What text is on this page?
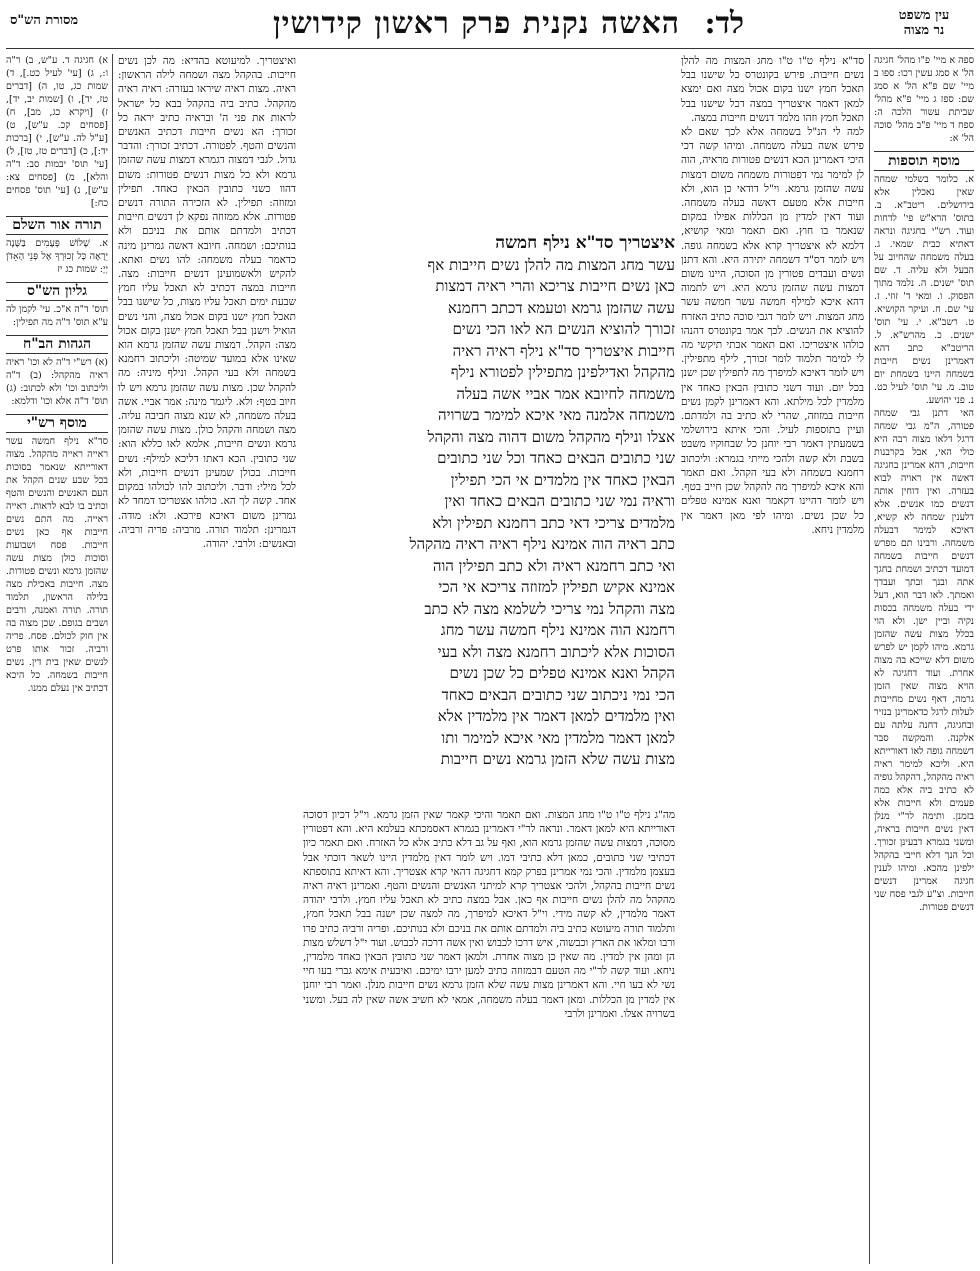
עין משפט
נר מצוה
לד:
האשה נקנית פרק ראשון קידושין
מסורת הש"ס

ספה א מיי' פ"ו מהל' חגיגה הל' א סמג עשין רכו: ספו ב מיי' שם פ"א הל' א סמג שם: ספז ג מיי' פ"א מהל' שביתת עשור הלכה ה: ספח ד מיי' פ"ב מהל' סוכה הל' א:

מוסף תוספות

א. כלומר בשלמי שמחה שאין נאכלין אלא בירושלים. ריטב"א. ב. בתוס' הרא"ש פי' לדחות ועוד. רש"י בחגיגה ונראה דאתיא כבית שמאי. ג. בעלה משמחה שהחיוב על הבעל ולא עליה. ד. שם תוס' ישנים. ה. נלמד מתוך הפסוק. ו. ומאי ד' זוזי. ז. עי' שם. ח. ועיקר הקושיא. ט. רשב"א. י. עי' תוס' ישנים. כ. מהרש"א. ל. הריטב"א כתב דהא דאמרינן נשים חייבות בשמחה היינו בשמחת יום טוב. מ. עי' תוס' לעיל כט. נ. פני יהושע.

האי דתנן גבי שמחה פטורה, ה"מ גבי שמחה דרגל דלאו מצוה רבה היא כולי האי, אבל בקרבנות חייבות, דהא אמרינן בחגיגה דאשה אין ראויה לבוא בעזרה. ואין דוחין אותה דנשים כמו אנשים. אלא דלענין שמחה לא קשיא, דאיכא למימר דבעלה משמחה. ורבינו תם מפרש דנשים חייבות בשמחה דמועד דכתיב ושמחת בחגך אתה ובנך ובתך ועבדך ואמתך. לאו דבר הוא, דעל ידי בעלה משמחה בכסות נקיה וביין ישן. ולא הוי בכלל מצות עשה שהזמן גרמא. מיהו לקמן יש לפרש משום דלא שייכא בה מצוה אחרת. ועוד דחגיגה לא הויא מצוה שאין הזמן גרמה, דאף נשים מחייבות לעלות לרגל כדאמרינן בנזיר ובחגיגה, דחנה עלתה עם אלקנה. והמקשה סבר דשמחה גופה לאו דאורייתא היא. וליכא למימר ראיה ראיה מהקהל, דהקהל גופיה לא כתיב ביה אלא כמה פעמים ולא חייבות אלא בזמנן. ותימה לר"י מנלן דאין נשים חייבות בראיה, ומשני בגמרא דבעינן זכורך. וכל הנך דלא חייבי בהקהל ילפינן מהכא. ומיהו לענין חגיגה אמרינן דנשים חייבות. וצ"ע לגבי פסח שני דנשים פטורות.

סד"א נילף ט"ו ט"ו מחג המצות מה להלן נשים חייבות. פירש בקונטרס כל שישנו בבל תאכל חמץ ישנו בקום אכול מצה ואם ימצא למאן דאמר איצטריך במצה דכל שישנו בבל תאכל חמץ וזהו מלמד דנשים חייבות במצה.

למה לי הנ"ל בשמחה אלא לכך שאם לא פירש אשה בעלה משמחה. ומיהו קשה דכי היכי דאמרינן הכא דנשים פטורות מראיה, הוה לן למימר נמי דפטורות משמחה משום דמצות עשה שהזמן גרמא. וי"ל דודאי כן הוא, ולא חייבות אלא מטעם דאשה בעלה משמחה. ועוד דאין למדין מן הכללות אפילו במקום שנאמר בו חוץ. ואם תאמר ומאי קושיא, דלמא לא איצטריך קרא אלא בשמחה גופה. ויש לומר דס"ד דשמחה יתירה היא. והא דתנן ונשים ועבדים פטורין מן הסוכה, היינו משום דמצות עשה שהזמן גרמא היא. ויש לתמוה דהא איכא למילף חמשה עשר חמשה עשר מחג המצות. ויש לומר דגבי סוכה כתיב האזרח להוציא את הנשים. לכך אמר בקונטרס דהנהו כולהו איצטריכו. ואם תאמר אכתי תיקשי מה לי למימר תלמוד לומר זכורך, לילף מתפילין. ויש לומר דאיכא למיפרך מה לתפילין שכן ישנן בכל יום. ועוד דשני כתובין הבאין כאחד אין מלמדין לכל מילתא. והא דאמרינן לקמן נשים חייבות במזוזה, שהרי לא כתיב בה ולמדתם. ועיין בתוספות לעיל. והכי איתא בירושלמי בשמעתין דאמר רבי יוחנן כל שבחוקיו משבט בשבת ולא קשה ולהכי מייתי בגמרא: וליכתוב רחמנא בשמחה ולא בעי הקהל. ואם תאמר והא איכא למיפרך מה להקהל שכן חייב בטף. ויש לומר דהיינו דקאמר ואנא אמינא טפלים כל שכן נשים. ומיהו לפי מאן דאמר אין מלמדין ניחא.

איצטריך סד"א נילף חמשה
עשר מחג המצות מה להלן נשים חייבות אף
כאן נשים חייבות צריכא והרי ראיה דמצות
עשה שהזמן גרמא וטעמא דכתב רחמנא
זכורך להוציא הנשים הא לאו הכי נשים
חייבות איצטריך סד"א נילף ראיה ראיה
מהקהל ואדילפינן מתפילין לפטורא נילף
משמחה לחיובא אמר אביי אשה בעלה
משמחה אלמנה מאי איכא למימר בשרויה
אצלו ונילף מהקהל משום דהוה מצה והקהל
שני כתובים הבאים כאחד וכל שני כתובים
הבאין כאחד אין מלמדים אי הכי תפילין
וראיה נמי שני כתובים הבאים כאחד ואין
מלמדים צריכי דאי כתב רחמנא תפילין ולא
כתב ראיה הוה אמינא נילף ראיה ראיה מהקהל
ואי כתב רחמנא ראיה ולא כתב תפילין הוה
אמינא אקיש תפילין למזוזה צריכא אי הכי
מצה והקהל נמי צריכי לשלמא מצה לא כתב
רחמנא הוה אמינא נילף חמשה עשר מחג
הסוכות אלא ליכתוב רחמנא מצה ולא בעי
הקהל ואנא אמינא טפלים כל שכן נשים
הכי נמי ניכתוב שני כתובים הבאים כאחד
ואין מלמדים למאן דאמר אין מלמדין אלא
למאן דאמר מלמדין מאי איכא למימר ותו
מצות עשה שלא הזמן גרמא נשים חייבות

ואיצטריך. למיעוטא בהדיא: מה לכן נשים חייבות. בהקהל מצה ושמחה לילה הראשון: ראיה. מצות ראיה שיראו בעזרה: ראיה ראיה מהקהל. כתיב ביה בהקהל בבא כל ישראל לראות את פני ה' ובראיה כתיב יראה כל זכורך: הא נשים חייבות דכתיב האנשים והנשים והטף. לפטורה. דכתיב זכורך: והדבר גדול. לגבי דמצוה דגמרא דמצות עשה שהזמן גרמא ולא כל מצות דנשים פטורות: משום דהוו כשני כתובין הבאין כאחד. תפילין ומזוזה: תפילין. לא הזכירה התורה דנשים פטורות. אלא ממזוזה נפקא לן דנשים חייבות דכתיב ולמדתם אותם את בניכם ולא בנותיכם: ושמחה. חיובא דאשה גמרינן מינה כדאמר בעלה משמחה: להו נשים ואתא. להקיש ולאשמועינן דנשים חייבות: מצה. חייבות במצה דכתיב לא תאכל עליו חמץ שבעת ימים תאכל עליו מצות, כל שישנו בבל תאכל חמץ ישנו בקום אכול מצה, והני נשים הואיל וישנן בבל תאכל חמץ ישנן בקום אכול מצה: הקהל. דמצות עשה שהזמן גרמא הוא שאינו אלא במועד שמיטה: וליכתוב רחמנא בשמחה ולא בעי הקהל. ונילף מיניה: מה להקהל שכן. מצות עשה שהזמן גרמא ויש לו חיוב בטף: ולא. ליגמר מינה: אמר אביי. אשה בעלה משמחה, לא שנא מצוה חביבה עליה. מצה ושמחה והקהל כולן. מצות עשה שהזמן גרמא ונשים חייבות, אלמא לאו כללא הוא: שני כתובין. הכא דאתו דליכא למילף: נשים חייבות. בכולן שמעינן דנשים חייבות, ולא לכל מילי: ודבר. וליכתוב להו לכולהו במקום אחד. קשה לך הא. כולהו אצטריכו דמחד לא גמרינן משום דאיכא פירכא. ולא: מודה. דגמרינן: תלמוד תורה. מרביה: פריה ורביה. ובאנשים: ולרבי. יהודה.

א) חגיגה ד. ע"ש, ב) ר"ה ו:, ג) [עי' לעיל כט.], ד) שמות כג, טו, ה) [דברים טז, יד], ו) [שמות יב, יד], ז) [ויקרא כג, מב], ח) [פסחים קכ. ע"ש], ט) [ע"ל לה. ע"ש], י) [ברכות יד:], כ) [דברים טז, טז], ל) [עי' תוס' יבמות סב: ד"ה והלא], מ) [פסחים צא: ע"ש], נ) [עי' תוס' פסחים כח:]

תורה אור השלם

א. שָׁלוֹשׁ פְּעָמִים בַּשָּׁנָה יֵרָאֶה כָּל זְכוּרְךָ אֶל פְּנֵי הָאָדֹן יְיָ: שמות כג יז

גליון הש"ס

תוס' ד"ה א"כ. עי' לקמן לה ע"א תוס' ד"ה מה תפילין:

הגהות הב"ח

(א) רש"י ד"ה לא וכו' ראיה ראיה מהקהל: (ב) ד"ה וליכתוב וכו' ולא לכתוב: (ג) תוס' ד"ה אלא וכו' ודלמא:

מוסף רש"י

סד"א נילף חמשה עשר ראייה ראייה מהקהל. מצוה דאורייתא שנאמר בסוכות בכל שבע שנים הקהל את העם האנשים והנשים והטף וכתיב בו לבא לראות. ראייה ראייה. מה התם נשים חייבות אף כאן נשים חייבות. פסח ושבועות וסוכות כולן מצות עשה שהזמן גרמא ונשים פטורות. מצה. חייבות באכילת מצה בלילה הראשון, תלמוד תורה. תורה ואמנה, ורבים ושבים בגופם. שכן מצוה בה אין חוק לכולם. פסח. פריה ורביה. זכור אותו פרט לנשים שאין בית דין. נשים חייבות בשמחה. כל היכא דכתיב אין נעלם ממנו.

מה"ג נילף ט"ו ט"ו מחג המצות. ואם תאמר והיכי קאמר שאין הזמן גרמא. וי"ל דכיון דסוכה דאורייתא היא למאן דאמר. ונראה לר"י דאמרינן בגמרא דאסמכתא בעלמא היא. והא דפטורין מסוכה, דמצות עשה שהזמן גרמא הוא, ואף על גב דלא כתיב אלא כל האזרח. ואם תאמר כיון דכתיבי שני כתובים, כמאן דלא כתיבי דמו. ויש לומר דאין מלמדין היינו לשאר דוכתי אבל בעצמן מלמדין. והכי נמי אמרינן בפרק קמא דחגיגה דהאי קרא אצטריך. והא דאיתא בתוספתא נשים חייבות בהקהל, ולהכי אצטריך קרא למיתני האנשים והנשים והטף. ואמרינן ראיה ראיה מהקהל מה להלן נשים חייבות אף כאן. אבל במצה כתיב לא תאכל עליו חמץ. ולרבי יהודה דאמר מלמדין, לא קשה מידי. וי"ל דאיכא למיפרך, מה למצה שכן ישנה בבל תאכל חמץ, ותלמוד תורה מיעוטא כתיב ביה ולמדתם אותם את בניכם ולא בנותיכם. ופריה ורביה כתיב פרו ורבו ומלאו את הארץ וכבשוה, איש דרכו לכבוש ואין אשה דרכה לכבוש. ועוד י"ל דשלש מצות הן ומהן אין למדין. מה שאין כן מצוה אחרת. ולמאן דאמר שני כתובין הבאין כאחד מלמדין, ניחא. ועוד קשה לר"י מה הטעם דבמזוזה כתיב למען ירבו ימיכם. ואיבעית אימא גברי בעו חיי נשי לא בעו חיי. והא דאמרינן מצות עשה שלא הזמן גרמא נשים חייבות מנלן. ואמר רבי יוחנן אין למדין מן הכללות. ומאן דאמר בעלה משמחה, אמאי לא חשיב אשה שאין לה בעל. ומשני בשרויה אצלו. ואמרינן ולרבי
